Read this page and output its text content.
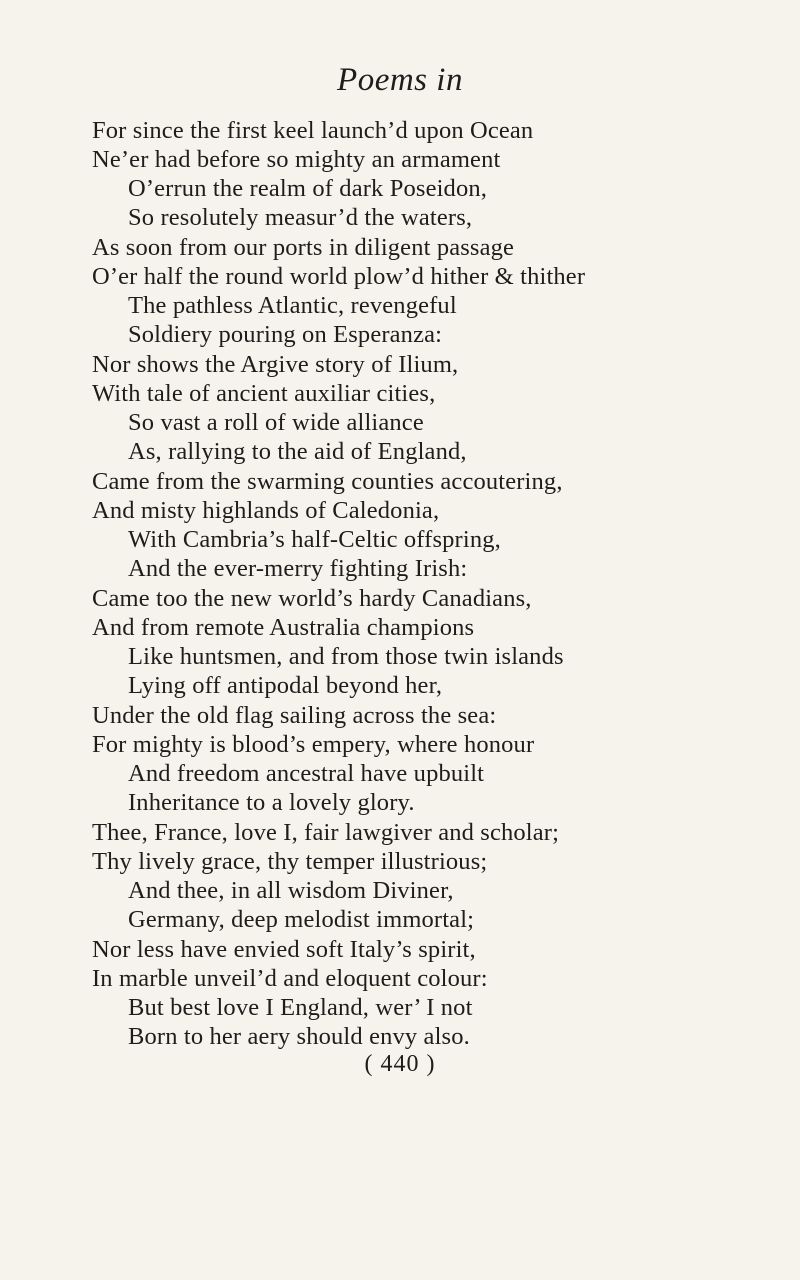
Poems in
For since the first keel launch’d upon Ocean
Ne’er had before so mighty an armament
O’errun the realm of dark Poseidon,
So resolutely measur’d the waters,
As soon from our ports in diligent passage
O’er half the round world plow’d hither & thither
The pathless Atlantic, revengeful
Soldiery pouring on Esperanza:
Nor shows the Argive story of Ilium,
With tale of ancient auxiliar cities,
So vast a roll of wide alliance
As, rallying to the aid of England,
Came from the swarming counties accoutering,
And misty highlands of Caledonia,
With Cambria’s half-Celtic offspring,
And the ever-merry fighting Irish:
Came too the new world’s hardy Canadians,
And from remote Australia champions
Like huntsmen, and from those twin islands
Lying off antipodal beyond her,
Under the old flag sailing across the sea:
For mighty is blood’s empery, where honour
And freedom ancestral have upbuilt
Inheritance to a lovely glory.
Thee, France, love I, fair lawgiver and scholar;
Thy lively grace, thy temper illustrious;
And thee, in all wisdom Diviner,
Germany, deep melodist immortal;
Nor less have envied soft Italy’s spirit,
In marble unveil’d and eloquent colour:
But best love I England, wer’ I not
Born to her aery should envy also.
( 440 )
